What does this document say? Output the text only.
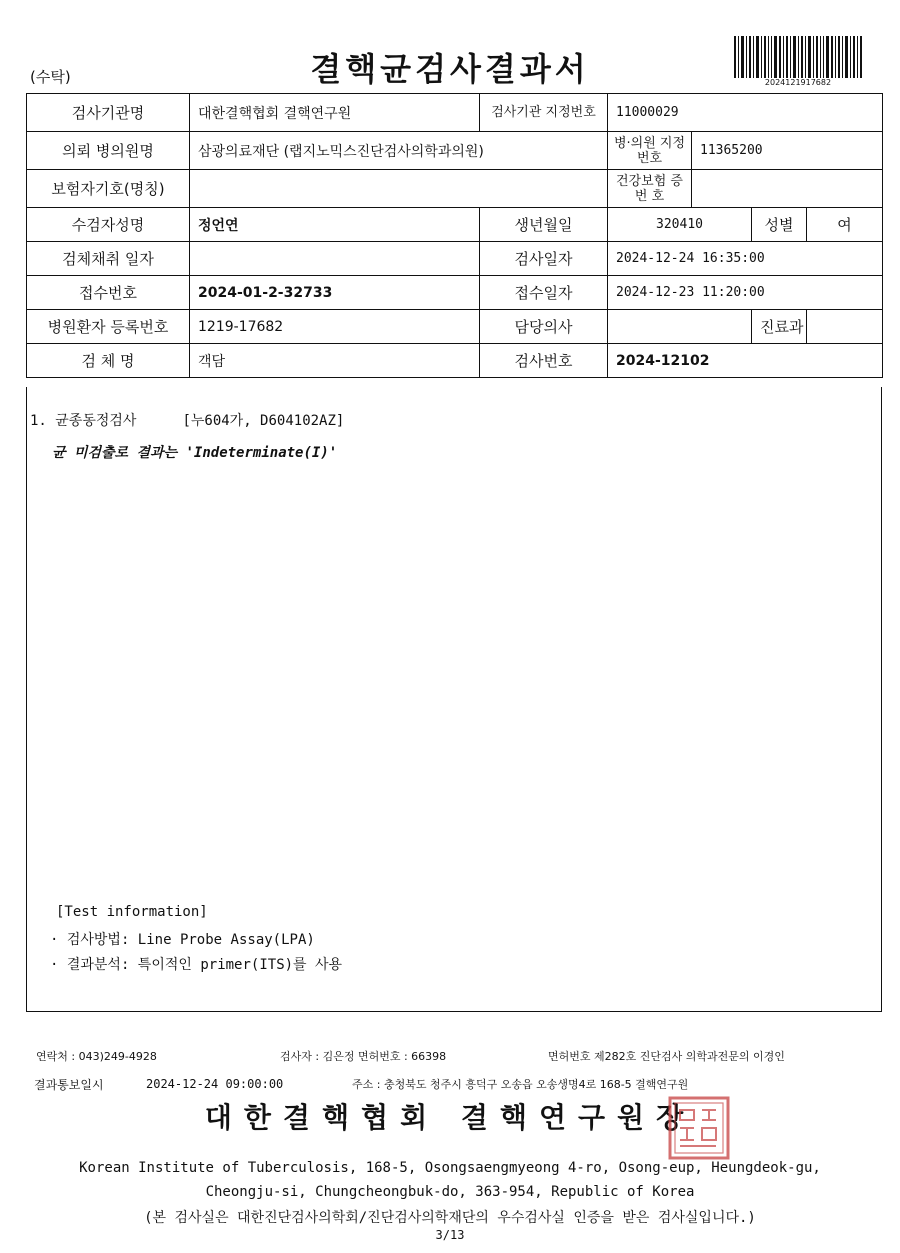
(수탁)	결핵균검사결과서	2024121917682
검사기관명	대한결핵협회 결핵연구원	검사기관 지정번호	11000029			
의뢰 병의원명	삼광의료재단 (랩지노믹스진단검사의학과의원)		병·의원 지정번호	11365200		
보험자기호(명칭)			건강보험 증 번 호			
수검자성명	정언연	생년월일	320410		성별	여
검체채취 일자		검사일자	2024-12-24 16:35:00			
접수번호	2024-01-2-32733	접수일자	2024-12-23 11:20:00			
병원환자 등록번호	1219-17682	담당의사			진료과	
검 체 명	객담	검사번호	2024-12102			
1. 균종동정검사	[누604가, D604102AZ]
균 미검출로 결과는 'Indeterminate(I)'
[Test information]
· 검사방법: Line Probe Assay(LPA)
· 결과분석: 특이적인 primer(ITS)를 사용
연락처 : 043)249-4928	검사자 : 김은정 면허번호 : 66398	면허번호 제282호 진단검사 의학과전문의 이경인
결과통보일시	2024-12-24 09:00:00	주소 : 충청북도 청주시 흥덕구 오송읍 오송생명4로 168-5 결핵연구원
대한결핵협회 결핵연구원장
Korean Institute of Tuberculosis, 168-5, Osongsaengmyeong 4-ro, Osong-eup, Heungdeok-gu,
Cheongju-si, Chungcheongbuk-do, 363-954, Republic of Korea
(본 검사실은 대한진단검사의학회/진단검사의학재단의 우수검사실 인증을 받은 검사실입니다.)
3/13
